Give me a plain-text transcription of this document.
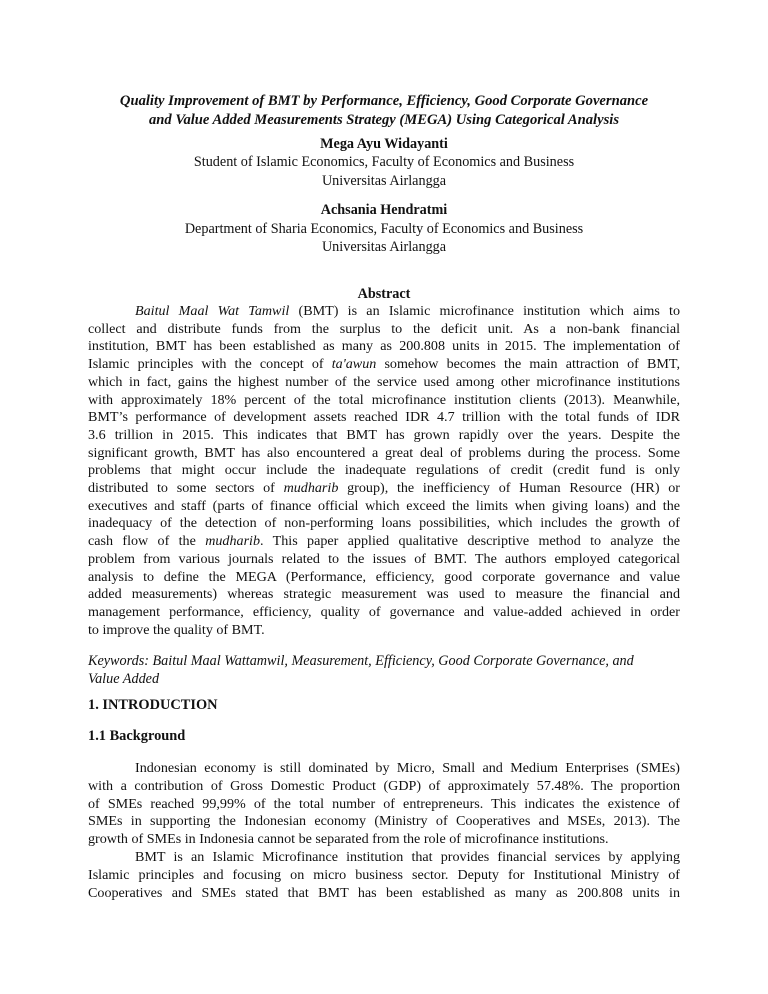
Quality Improvement of BMT by Performance, Efficiency, Good Corporate Governance
and Value Added Measurements Strategy (MEGA) Using Categorical Analysis

Mega Ayu Widayanti

Student of Islamic Economics, Faculty of Economics and Business

Universitas Airlangga

Achsania Hendratmi

Department of Sharia Economics, Faculty of Economics and Business

Universitas Airlangga

Abstract
Baitul Maal Wat Tamwil (BMT) is an Islamic microfinance institution which aims to
collect and distribute funds from the surplus to the deficit unit. As a non-bank financial
institution, BMT has been established as many as 200.808 units in 2015. The implementation of
Islamic principles with the concept of ta'awun somehow becomes the main attraction of BMT,
which in fact, gains the highest number of the service used among other microfinance institutions
with approximately 18% percent of the total microfinance institution clients (2013). Meanwhile,
BMT’s performance of development assets reached IDR 4.7 trillion with the total funds of IDR
3.6 trillion in 2015. This indicates that BMT has grown rapidly over the years. Despite the
significant growth, BMT has also encountered a great deal of problems during the process. Some
problems that might occur include the inadequate regulations of credit (credit fund is only
distributed to some sectors of mudharib group), the inefficiency of Human Resource (HR) or
executives and staff (parts of finance official which exceed the limits when giving loans) and the
inadequacy of the detection of non-performing loans possibilities, which includes the growth of
cash flow of the mudharib. This paper applied qualitative descriptive method to analyze the
problem from various journals related to the issues of BMT. The authors employed categorical
analysis to define the MEGA (Performance, efficiency, good corporate governance and value
added measurements) whereas strategic measurement was used to measure the financial and
management performance, efficiency, quality of governance and value-added achieved in order
to improve the quality of BMT.

Keywords: Baitul Maal Wattamwil, Measurement, Efficiency, Good Corporate Governance, and
Value Added

1. INTRODUCTION

1.1 Background

Indonesian economy is still dominated by Micro, Small and Medium Enterprises (SMEs)
with a contribution of Gross Domestic Product (GDP) of approximately 57.48%. The proportion
of SMEs reached 99,99% of the total number of entrepreneurs. This indicates the existence of
SMEs in supporting the Indonesian economy (Ministry of Cooperatives and MSEs, 2013). The
growth of SMEs in Indonesia cannot be separated from the role of microfinance institutions.
BMT is an Islamic Microfinance institution that provides financial services by applying
Islamic principles and focusing on micro business sector. Deputy for Institutional Ministry of
Cooperatives and SMEs stated that BMT has been established as many as 200.808 units in
